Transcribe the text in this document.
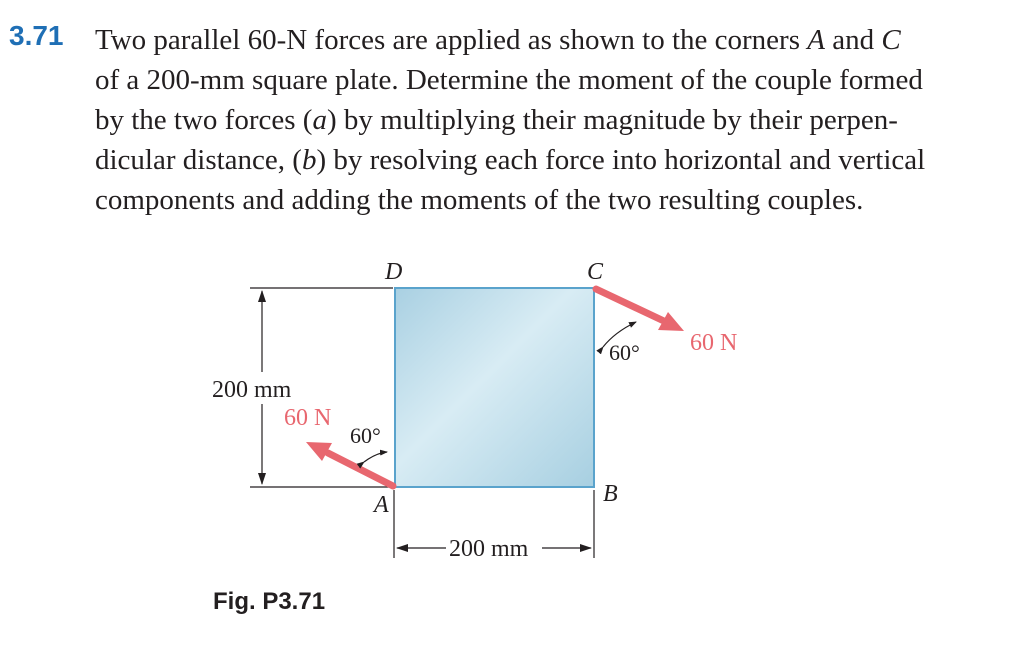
3.71 Two parallel 60-N forces are applied as shown to the corners A and C
of a 200-mm square plate. Determine the moment of the couple formed
by the two forces (a) by multiplying their magnitude by their perpen-
dicular distance, (b) by resolving each force into horizontal and vertical
components and adding the moments of the two resulting couples.
200 mm
200 mm
D	C
B
A
60° 60 N
60°
60 N
Fig. P3.71
